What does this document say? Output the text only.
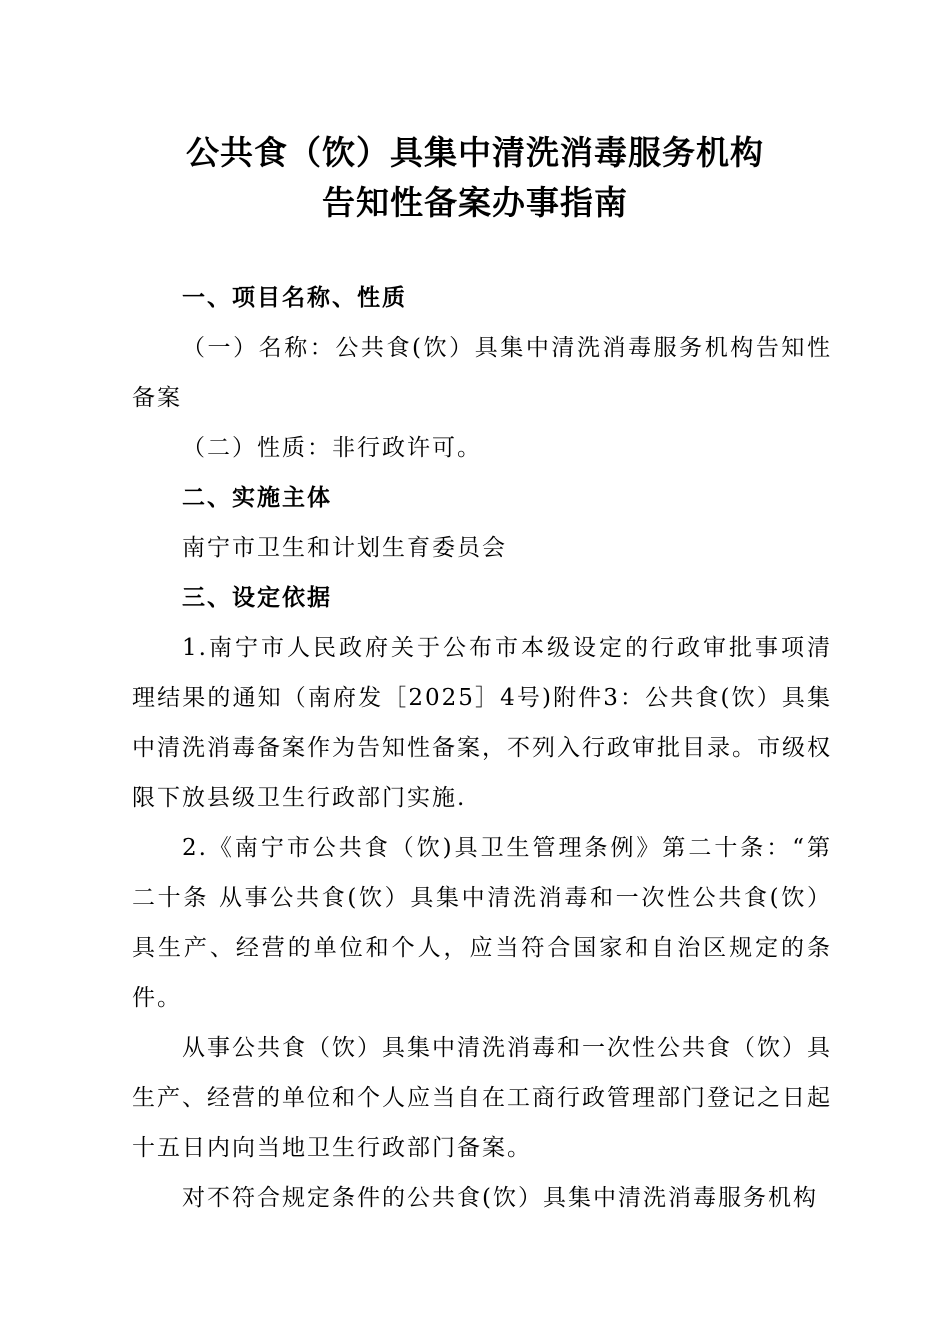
公共食（饮）具集中清洗消毒服务机构
告知性备案办事指南

一、项目名称、性质

（一）名称：公共食(饮）具集中清洗消毒服务机构告知性备案

（二）性质：非行政许可。

二、实施主体

南宁市卫生和计划生育委员会

三、设定依据

1.南宁市人民政府关于公布市本级设定的行政审批事项清理结果的通知（南府发［2025］4号)附件3：公共食(饮）具集中清洗消毒备案作为告知性备案，不列入行政审批目录。市级权限下放县级卫生行政部门实施.

2.《南宁市公共食（饮)具卫生管理条例》第二十条：“第二十条 从事公共食(饮）具集中清洗消毒和一次性公共食(饮）具生产、经营的单位和个人，应当符合国家和自治区规定的条件。

从事公共食（饮）具集中清洗消毒和一次性公共食（饮）具生产、经营的单位和个人应当自在工商行政管理部门登记之日起十五日内向当地卫生行政部门备案。

对不符合规定条件的公共食(饮）具集中清洗消毒服务机构
